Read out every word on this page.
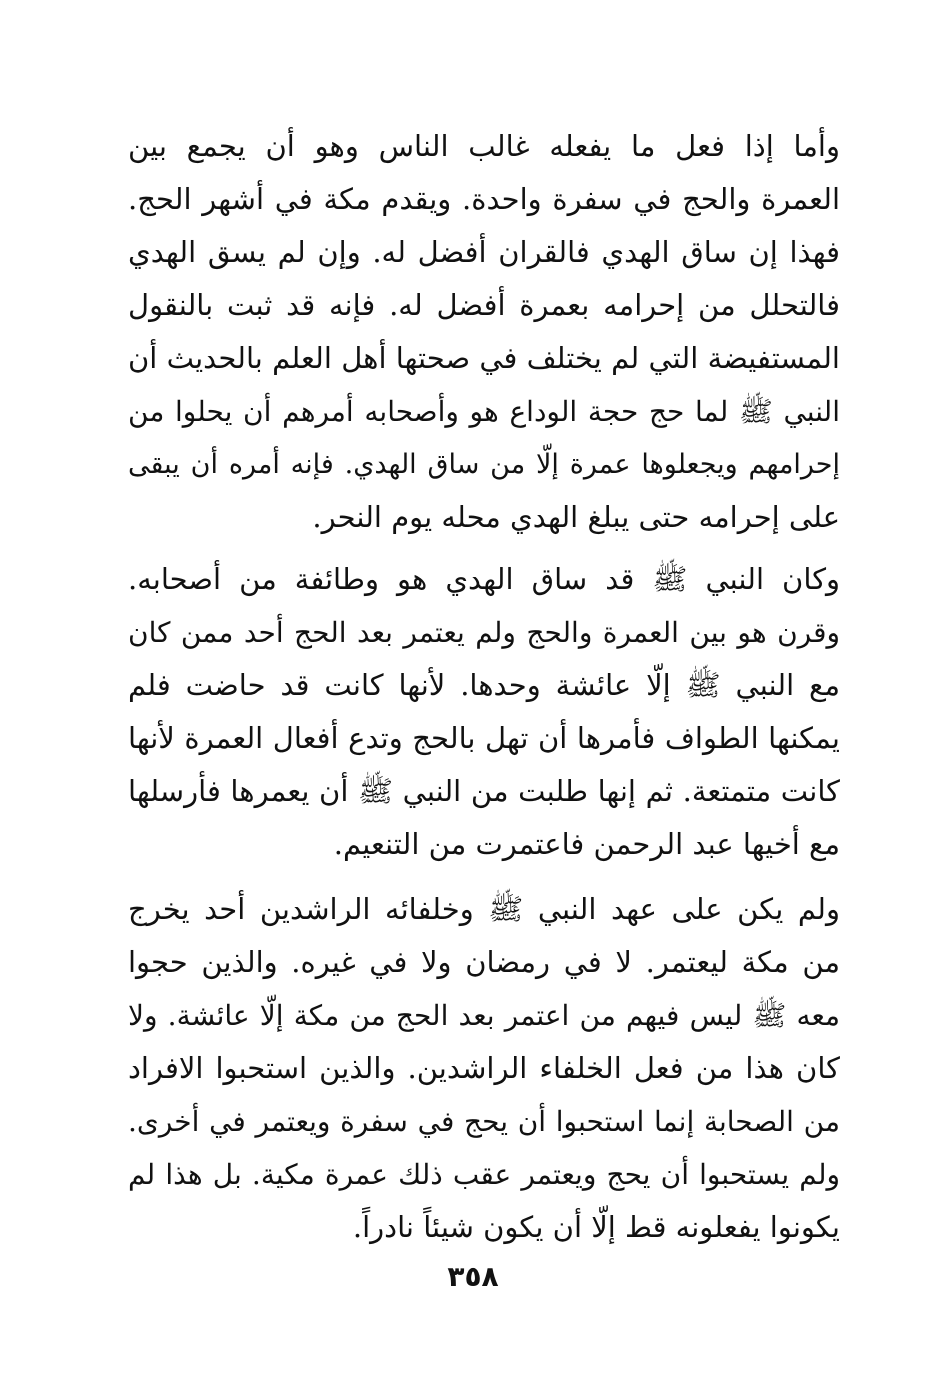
وأما إذا فعل ما يفعله غالب الناس وهو أن يجمع بين
العمرة والحج في سفرة واحدة. ويقدم مكة في أشهر الحج.
فهذا إن ساق الهدي فالقران أفضل له. وإن لم يسق الهدي
فالتحلل من إحرامه بعمرة أفضل له. فإنه قد ثبت بالنقول
المستفيضة التي لم يختلف في صحتها أهل العلم بالحديث أن
النبي ﷺ لما حج حجة الوداع هو وأصحابه أمرهم أن يحلوا من
إحرامهم ويجعلوها عمرة إلّا من ساق الهدي. فإنه أمره أن يبقى
على إحرامه حتى يبلغ الهدي محله يوم النحر.
وكان النبي ﷺ قد ساق الهدي هو وطائفة من أصحابه.
وقرن هو بين العمرة والحج ولم يعتمر بعد الحج أحد ممن كان
مع النبي ﷺ إلّا عائشة وحدها. لأنها كانت قد حاضت فلم
يمكنها الطواف فأمرها أن تهل بالحج وتدع أفعال العمرة لأنها
كانت متمتعة. ثم إنها طلبت من النبي ﷺ أن يعمرها فأرسلها
مع أخيها عبد الرحمن فاعتمرت من التنعيم.
ولم يكن على عهد النبي ﷺ وخلفائه الراشدين أحد يخرج
من مكة ليعتمر. لا في رمضان ولا في غيره. والذين حجوا
معه ﷺ ليس فيهم من اعتمر بعد الحج من مكة إلّا عائشة. ولا
كان هذا من فعل الخلفاء الراشدين. والذين استحبوا الافراد
من الصحابة إنما استحبوا أن يحج في سفرة ويعتمر في أخرى.
ولم يستحبوا أن يحج ويعتمر عقب ذلك عمرة مكية. بل هذا لم
يكونوا يفعلونه قط إلّا أن يكون شيئاً نادراً.
٣٥٨
